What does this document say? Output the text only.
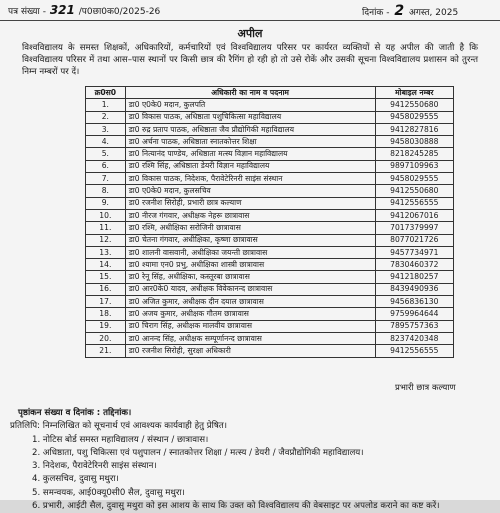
पत्र संख्या - 321 /प0छा0क0/2025-26	दिनांक - 2 अगस्त, 2025
अपील
विश्वविद्यालय के समस्त शिक्षकों, अधिकारियों, कर्मचारियों एवं विश्वविद्यालय परिसर पर कार्यरत व्यक्तियों से यह अपील की जाती है कि विश्वविद्यालय परिसर में तथा आस–पास स्थानों पर किसी छात्र की रैगिंग हो रही हो तो उसे रोकें और उसकी सूचना विश्वविद्यालय प्रशासन को तुरन्त निम्न नम्बरों पर दें।
क्र0स0	अधिकारी का नाम व पदनाम	मोबाइल नम्बर
1.	डा0 ए0के0 मदान, कुलपति	9412550680
2.	डा0 विकास पाठक, अधिष्ठाता पशुचिकित्सा महाविद्यालय	9458029555
3.	डा0 रुद्र प्रताप पाठक, अधिष्ठाता जैव प्रौद्योगिकी महाविद्यालय	9412827816
4.	डा0 अर्चना पाठक, अधिष्ठाता स्नातकोत्तर शिक्षा	9458030888
5.	डा0 नित्यानंद पाण्डेय, अधिष्ठाता मत्स्य विज्ञान महाविद्यालय	8218245285
6.	डा0 रश्मि सिंह, अधिष्ठाता डेयरी विज्ञान महाविद्यालय	9897109963
7.	डा0 विकास पाठक, निदेशक, पैरावेटेरिनरी साइंस संस्थान	9458029555
8.	डा0 ए0के0 मदान, कुलसचिव	9412550680
9.	डा0 रजनीश सिरोही, प्रभारी छात्र कल्याण	9412556555
10.	डा0 नीरज गंगवार, अधीक्षक नेहरू छात्रावास	9412067016
11.	डा0 रश्मि, अधीक्षिका सरोजिनी छात्रावास	7017379997
12.	डा0 चेतना गंगवार, अधीक्षिका, कृष्णा छात्रावास	8077021726
13.	डा0 शालनी वासवानी, अधीक्षिका जयन्ती छात्रावास	9457734971
14.	डा0 श्यामा एन0 प्रभु, अधीक्षिका शास्त्री छात्रावास	7830460372
15.	डा0 रेनू सिंह, अधीक्षिका, कस्तूरबा छात्रावास	9412180257
16.	डा0 आर0के0 यादव, अधीक्षक विवेकानन्द छात्रावास	8439490936
17.	डा0 अजित कुमार, अधीक्षक दीन दयाल छात्रावास	9456836130
18.	डा0 अजय कुमार, अधीक्षक गौतम छात्रावास	9759964644
19.	डा0 चिराग सिंह, अधीक्षक मालवीय छात्रावास	7895757363
20.	डा0 आनन्द सिंह, अधीक्षक सम्पूर्णानन्द छात्रावास	8237420348
21.	डा0 रजनीश सिरोही, सुरक्षा अधिकारी	9412556555
प्रभारी छात्र कल्याण
पृष्ठांकन संख्या व दिनांक : तद्दिनांक।
प्रतिलिपि: निम्नलिखित को सूचनार्थ एवं आवश्यक कार्यवाही हेतु प्रेषित।
1. नोटिस बोर्ड समस्त महाविद्यालय / संस्थान / छात्रावास।
2. अधिष्ठाता, पशु चिकित्सा एवं पशुपालन / स्नातकोत्तर शिक्षा / मत्स्य / डेयरी / जैवप्रौद्योगिकी महाविद्यालय।
3. निदेशक, पैरावेटेरिनरी साइंस संस्थान।
4. कुलसचिव, दुवासु मथुरा।
5. समन्वयक, आई0क्यू0सी0 सैल, दुवासु मथुरा।
6. प्रभारी, आईटी सैल, दुवासु मथुरा को इस आशय के साथ कि उक्त को विश्वविद्यालय की वेबसाइट पर अपलोड कराने का कष्ट करें।
